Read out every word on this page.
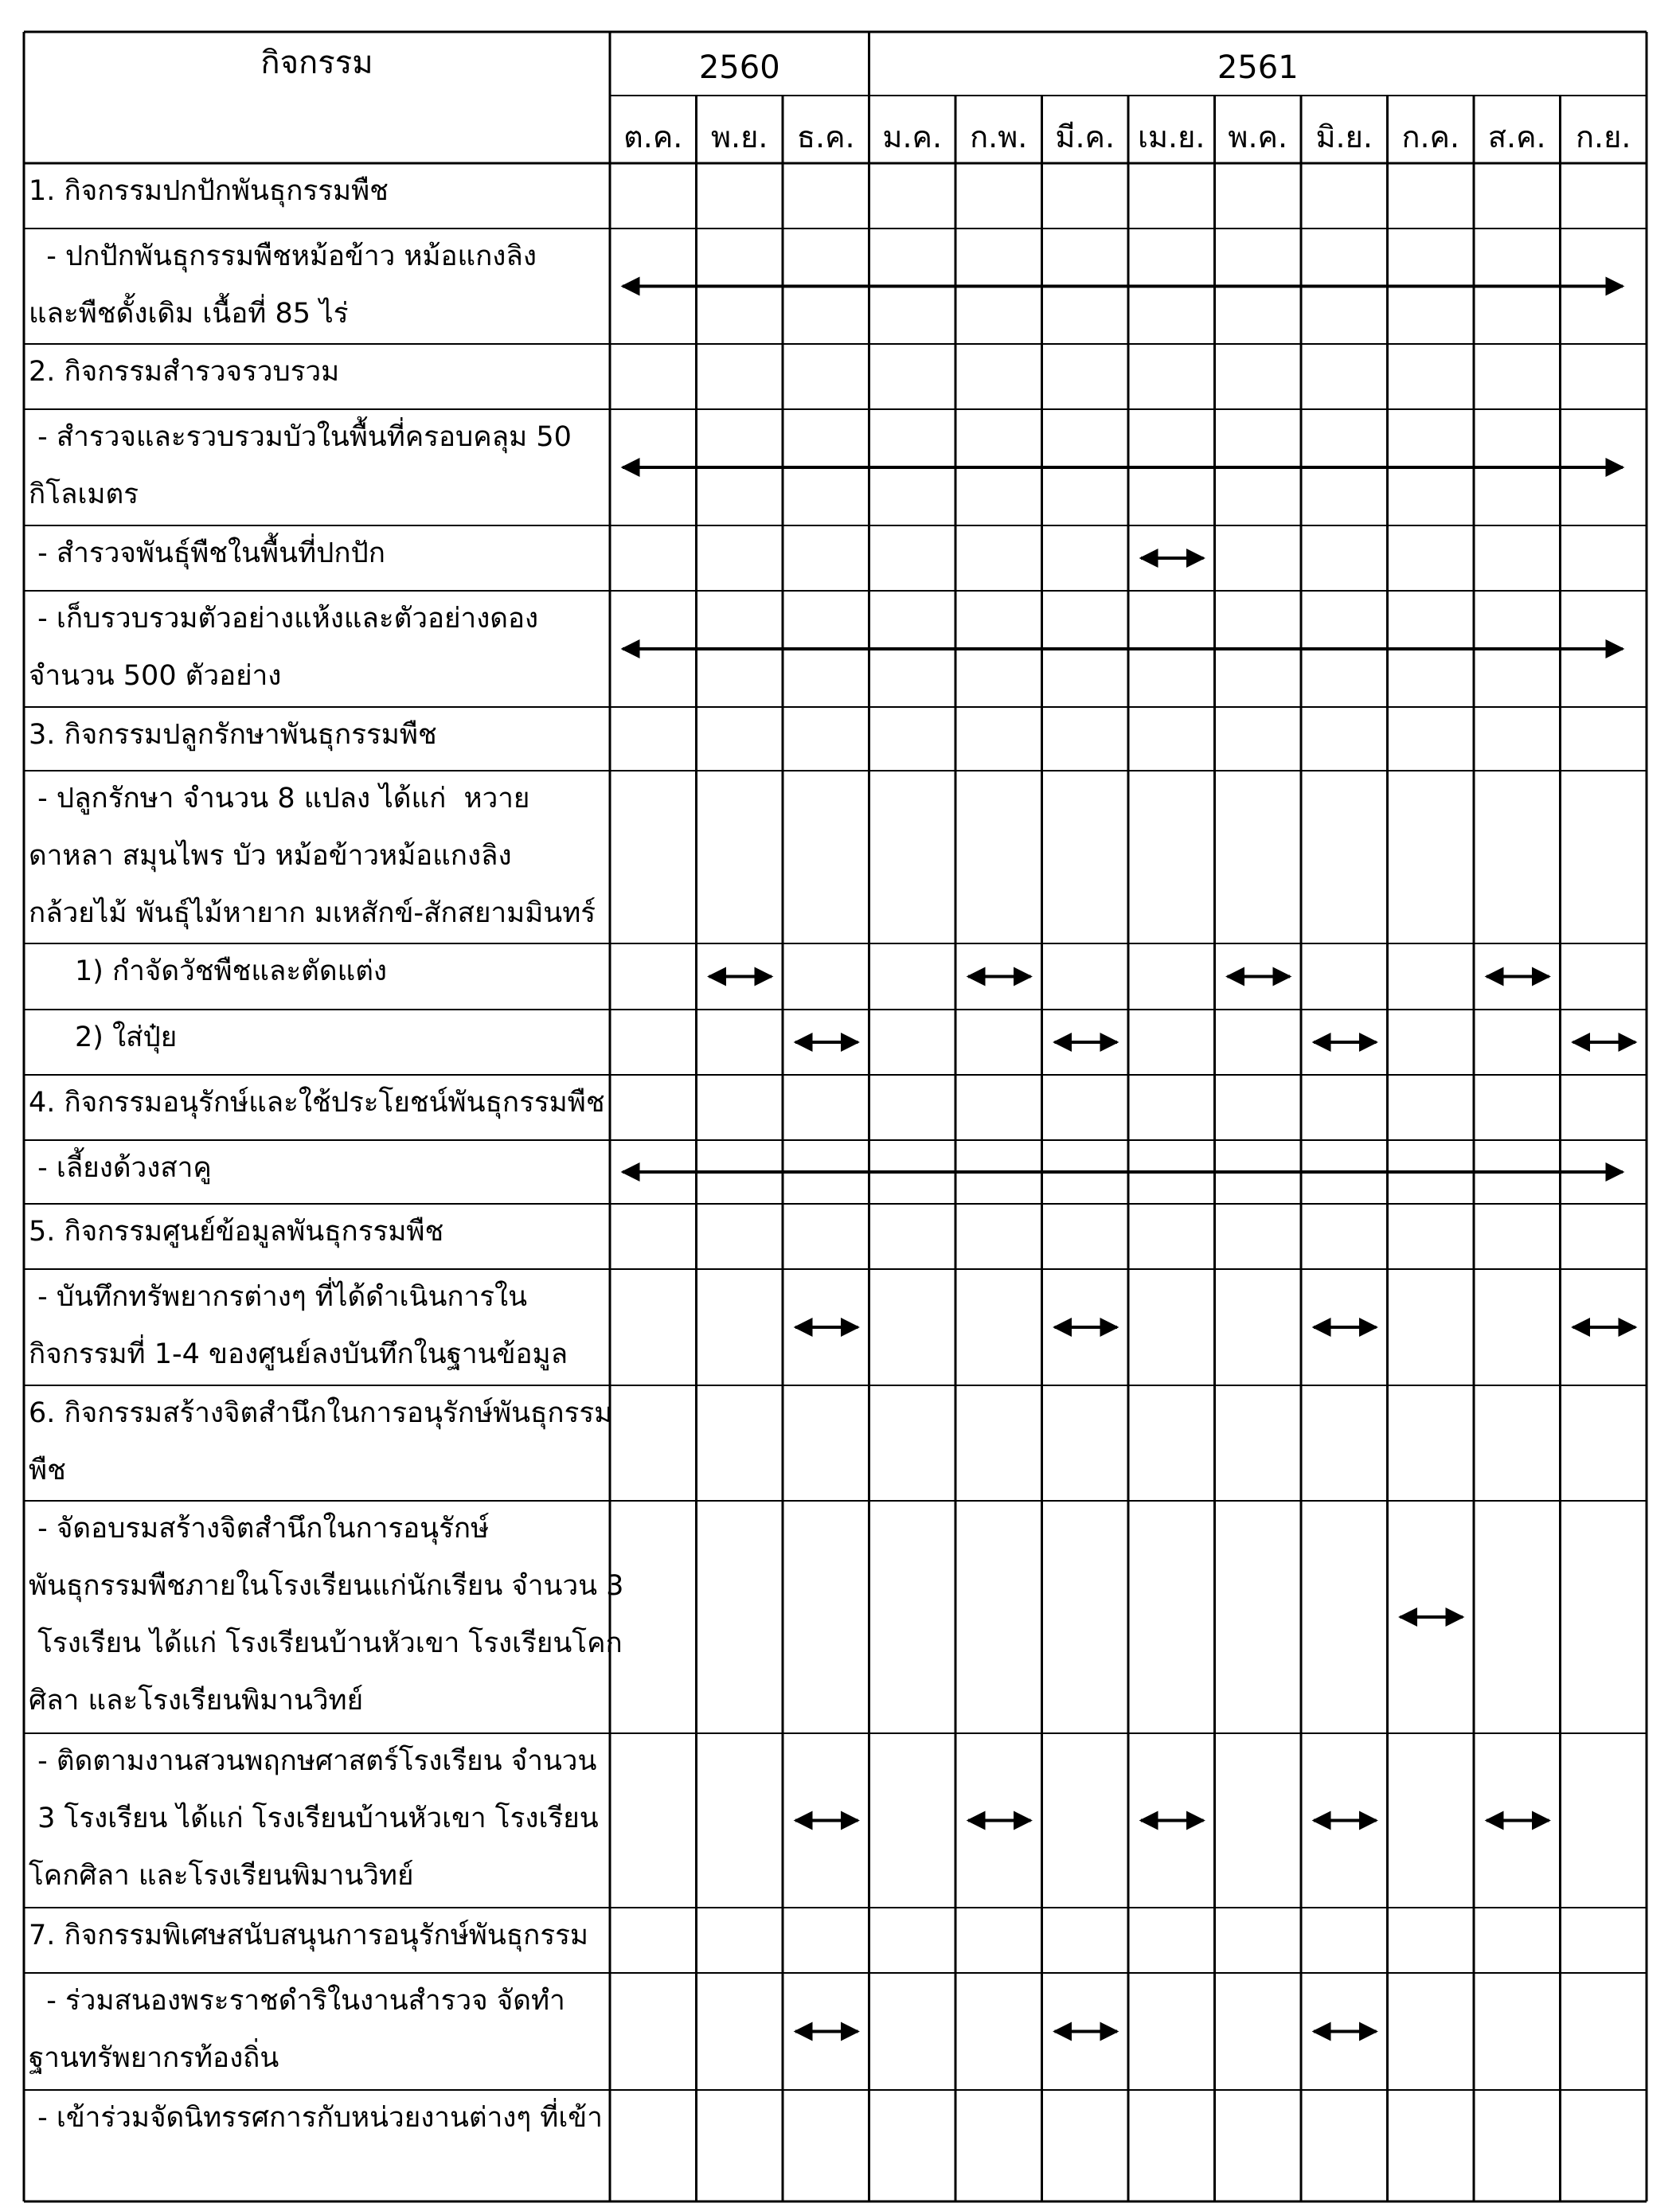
กิจกรรม	2560	2561
ต.ค. พ.ย. ธ.ค. ม.ค. ก.พ. มี.ค. เม.ย. พ.ค. มิ.ย. ก.ค. ส.ค. ก.ย.
1. กิจกรรมปกปักพันธุกรรมพืช
- ปกปักพันธุกรรมพืชหม้อข้าว หม้อแกงลิง
และพืชดั้งเดิม เนื้อที่ 85 ไร่
2. กิจกรรมสำรวจรวบรวม
- สำรวจและรวบรวมบัวในพื้นที่ครอบคลุม 50
กิโลเมตร
- สำรวจพันธุ์พืชในพื้นที่ปกปัก
- เก็บรวบรวมตัวอย่างแห้งและตัวอย่างดอง
จำนวน 500 ตัวอย่าง
3. กิจกรรมปลูกรักษาพันธุกรรมพืช
- ปลูกรักษา จำนวน 8 แปลง ได้แก่  หวาย
ดาหลา สมุนไพร บัว หม้อข้าวหม้อแกงลิง
กล้วยไม้ พันธุ์ไม้หายาก มเหสักข์-สักสยามมินทร์
1) กำจัดวัชพืชและตัดแต่ง
2) ใส่ปุ๋ย
4. กิจกรรมอนุรักษ์และใช้ประโยชน์พันธุกรรมพืช
- เลี้ยงด้วงสาคู
5. กิจกรรมศูนย์ข้อมูลพันธุกรรมพืช
- บันทึกทรัพยากรต่างๆ ที่ได้ดำเนินการใน
กิจกรรมที่ 1-4 ของศูนย์ลงบันทึกในฐานข้อมูล
6. กิจกรรมสร้างจิตสำนึกในการอนุรักษ์พันธุกรรม
พืช
- จัดอบรมสร้างจิตสำนึกในการอนุรักษ์
พันธุกรรมพืชภายในโรงเรียนแก่นักเรียน จำนวน 3
โรงเรียน ได้แก่ โรงเรียนบ้านหัวเขา โรงเรียนโคก
ศิลา และโรงเรียนพิมานวิทย์
- ติดตามงานสวนพฤกษศาสตร์โรงเรียน จำนวน
3 โรงเรียน ได้แก่ โรงเรียนบ้านหัวเขา โรงเรียน
โคกศิลา และโรงเรียนพิมานวิทย์
7. กิจกรรมพิเศษสนับสนุนการอนุรักษ์พันธุกรรม
- ร่วมสนองพระราชดำริในงานสำรวจ จัดทำ
ฐานทรัพยากรท้องถิ่น
- เข้าร่วมจัดนิทรรศการกับหน่วยงานต่างๆ ที่เข้า
